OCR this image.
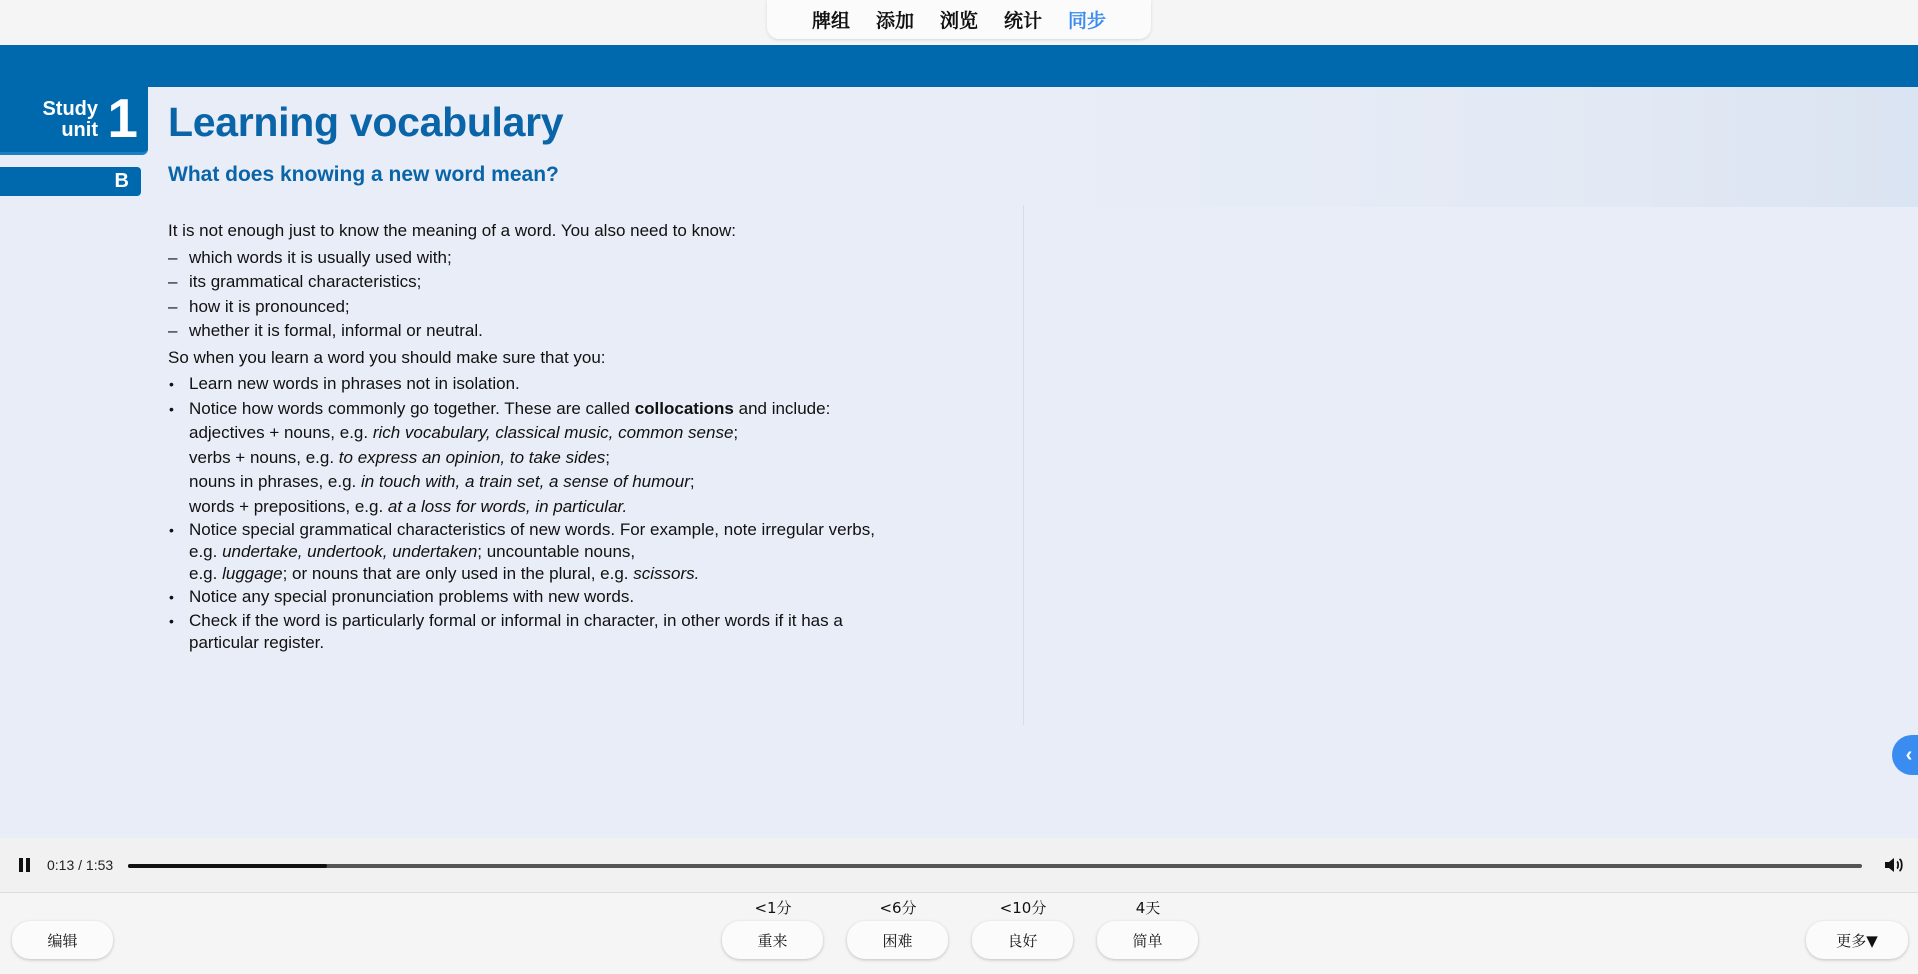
牌组	添加	浏览	统计	同步
Study
unit 1
B
Learning vocabulary
What does knowing a new word mean?

It is not enough just to know the meaning of a word. You also need to know:

– which words it is usually used with;
– its grammatical characteristics;
– how it is pronounced;
– whether it is formal, informal or neutral.

So when you learn a word you should make sure that you:

• Learn new words in phrases not in isolation.
• Notice how words commonly go together. These are called collocations and include:
adjectives + nouns, e.g. rich vocabulary, classical music, common sense;
verbs + nouns, e.g. to express an opinion, to take sides;
nouns in phrases, e.g. in touch with, a train set, a sense of humour;
words + prepositions, e.g. at a loss for words, in particular.
• Notice special grammatical characteristics of new words. For example, note irregular verbs,
e.g. undertake, undertook, undertaken; uncountable nouns,
e.g. luggage; or nouns that are only used in the plural, e.g. scissors.
• Notice any special pronunciation problems with new words.
• Check if the word is particularly formal or informal in character, in other words if it has a
particular register.
‹
0:13 / 1:53
编辑
<1分
重来
<6分
困难
<10分
良好
4天
简单	更多▼
